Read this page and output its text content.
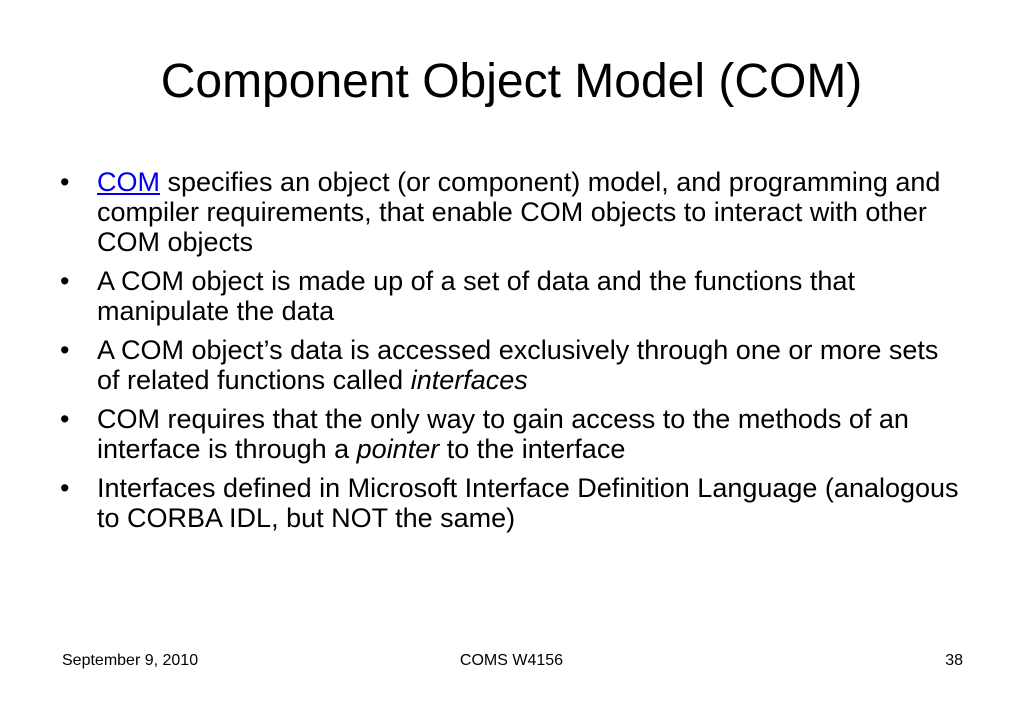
Component Object Model (COM)
•	COM specifies an object (or component) model, and programming and compiler requirements, that enable COM objects to interact with other COM objects
•	A COM object is made up of a set of data and the functions that manipulate the data
•	A COM object’s data is accessed exclusively through one or more sets of related functions called interfaces
•	COM requires that the only way to gain access to the methods of an interface is through a pointer to the interface
•	Interfaces defined in Microsoft Interface Definition Language (analogous to CORBA IDL, but NOT the same)
September 9, 2010	COMS W4156	38
